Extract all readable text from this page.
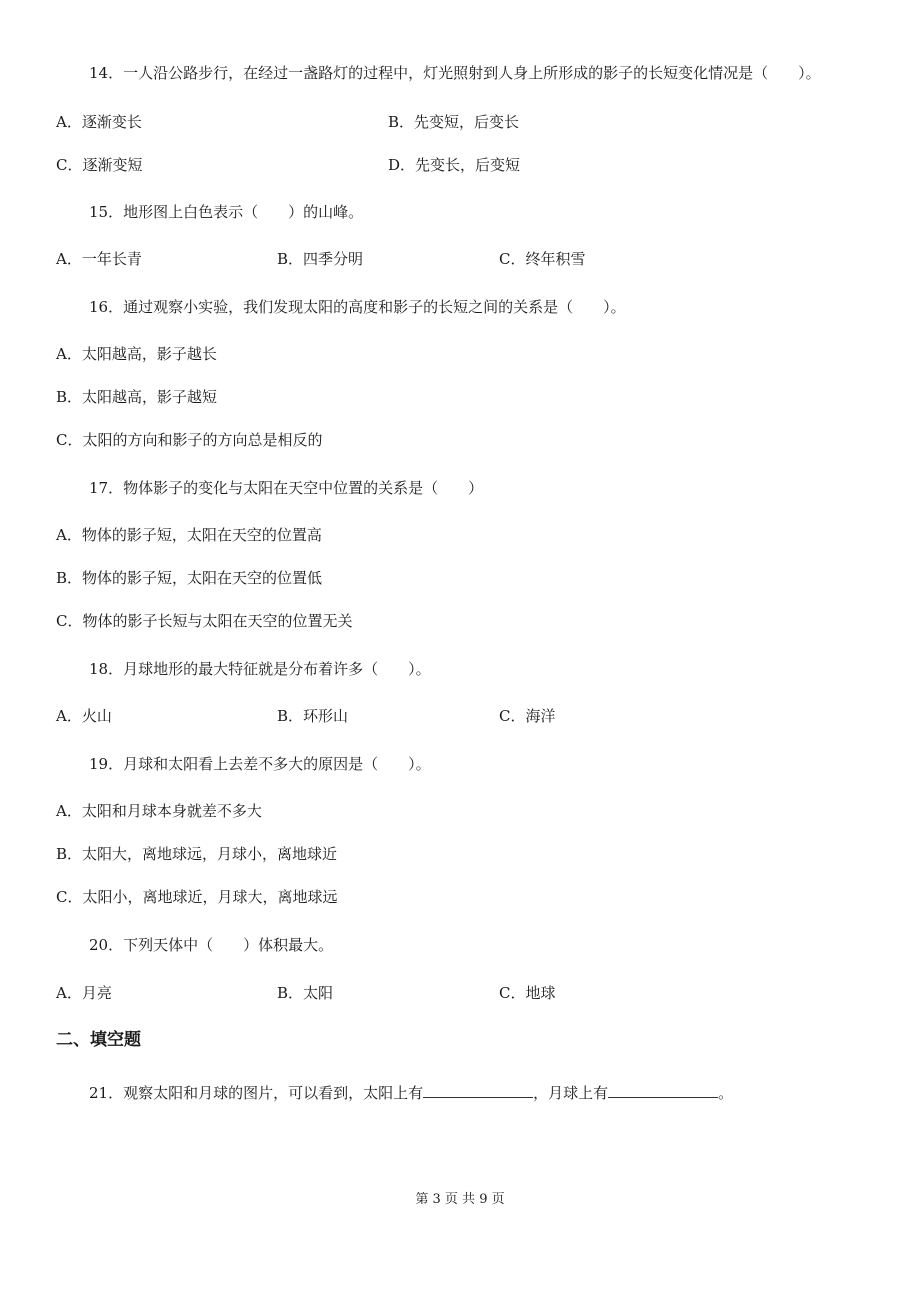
14．一人沿公路步行，在经过一盏路灯的过程中，灯光照射到人身上所形成的影子的长短变化情况是（　　）。
A．逐渐变长	B．先变短，后变长
C．逐渐变短	D．先变长，后变短
15．地形图上白色表示（　　）的山峰。
A．一年长青	B．四季分明	C．终年积雪
16．通过观察小实验，我们发现太阳的高度和影子的长短之间的关系是（　　）。
A．太阳越高，影子越长
B．太阳越高，影子越短
C．太阳的方向和影子的方向总是相反的
17．物体影子的变化与太阳在天空中位置的关系是（　　）
A．物体的影子短，太阳在天空的位置高
B．物体的影子短，太阳在天空的位置低
C．物体的影子长短与太阳在天空的位置无关
18．月球地形的最大特征就是分布着许多（　　）。
A．火山	B．环形山	C．海洋
19．月球和太阳看上去差不多大的原因是（　　）。
A．太阳和月球本身就差不多大
B．太阳大，离地球远，月球小，离地球近
C．太阳小，离地球近，月球大，离地球远
20．下列天体中（　　）体积最大。
A．月亮	B．太阳	C．地球
二、填空题
21．观察太阳和月球的图片，可以看到，太阳上有	，月球上有	。
第 3 页 共 9 页
